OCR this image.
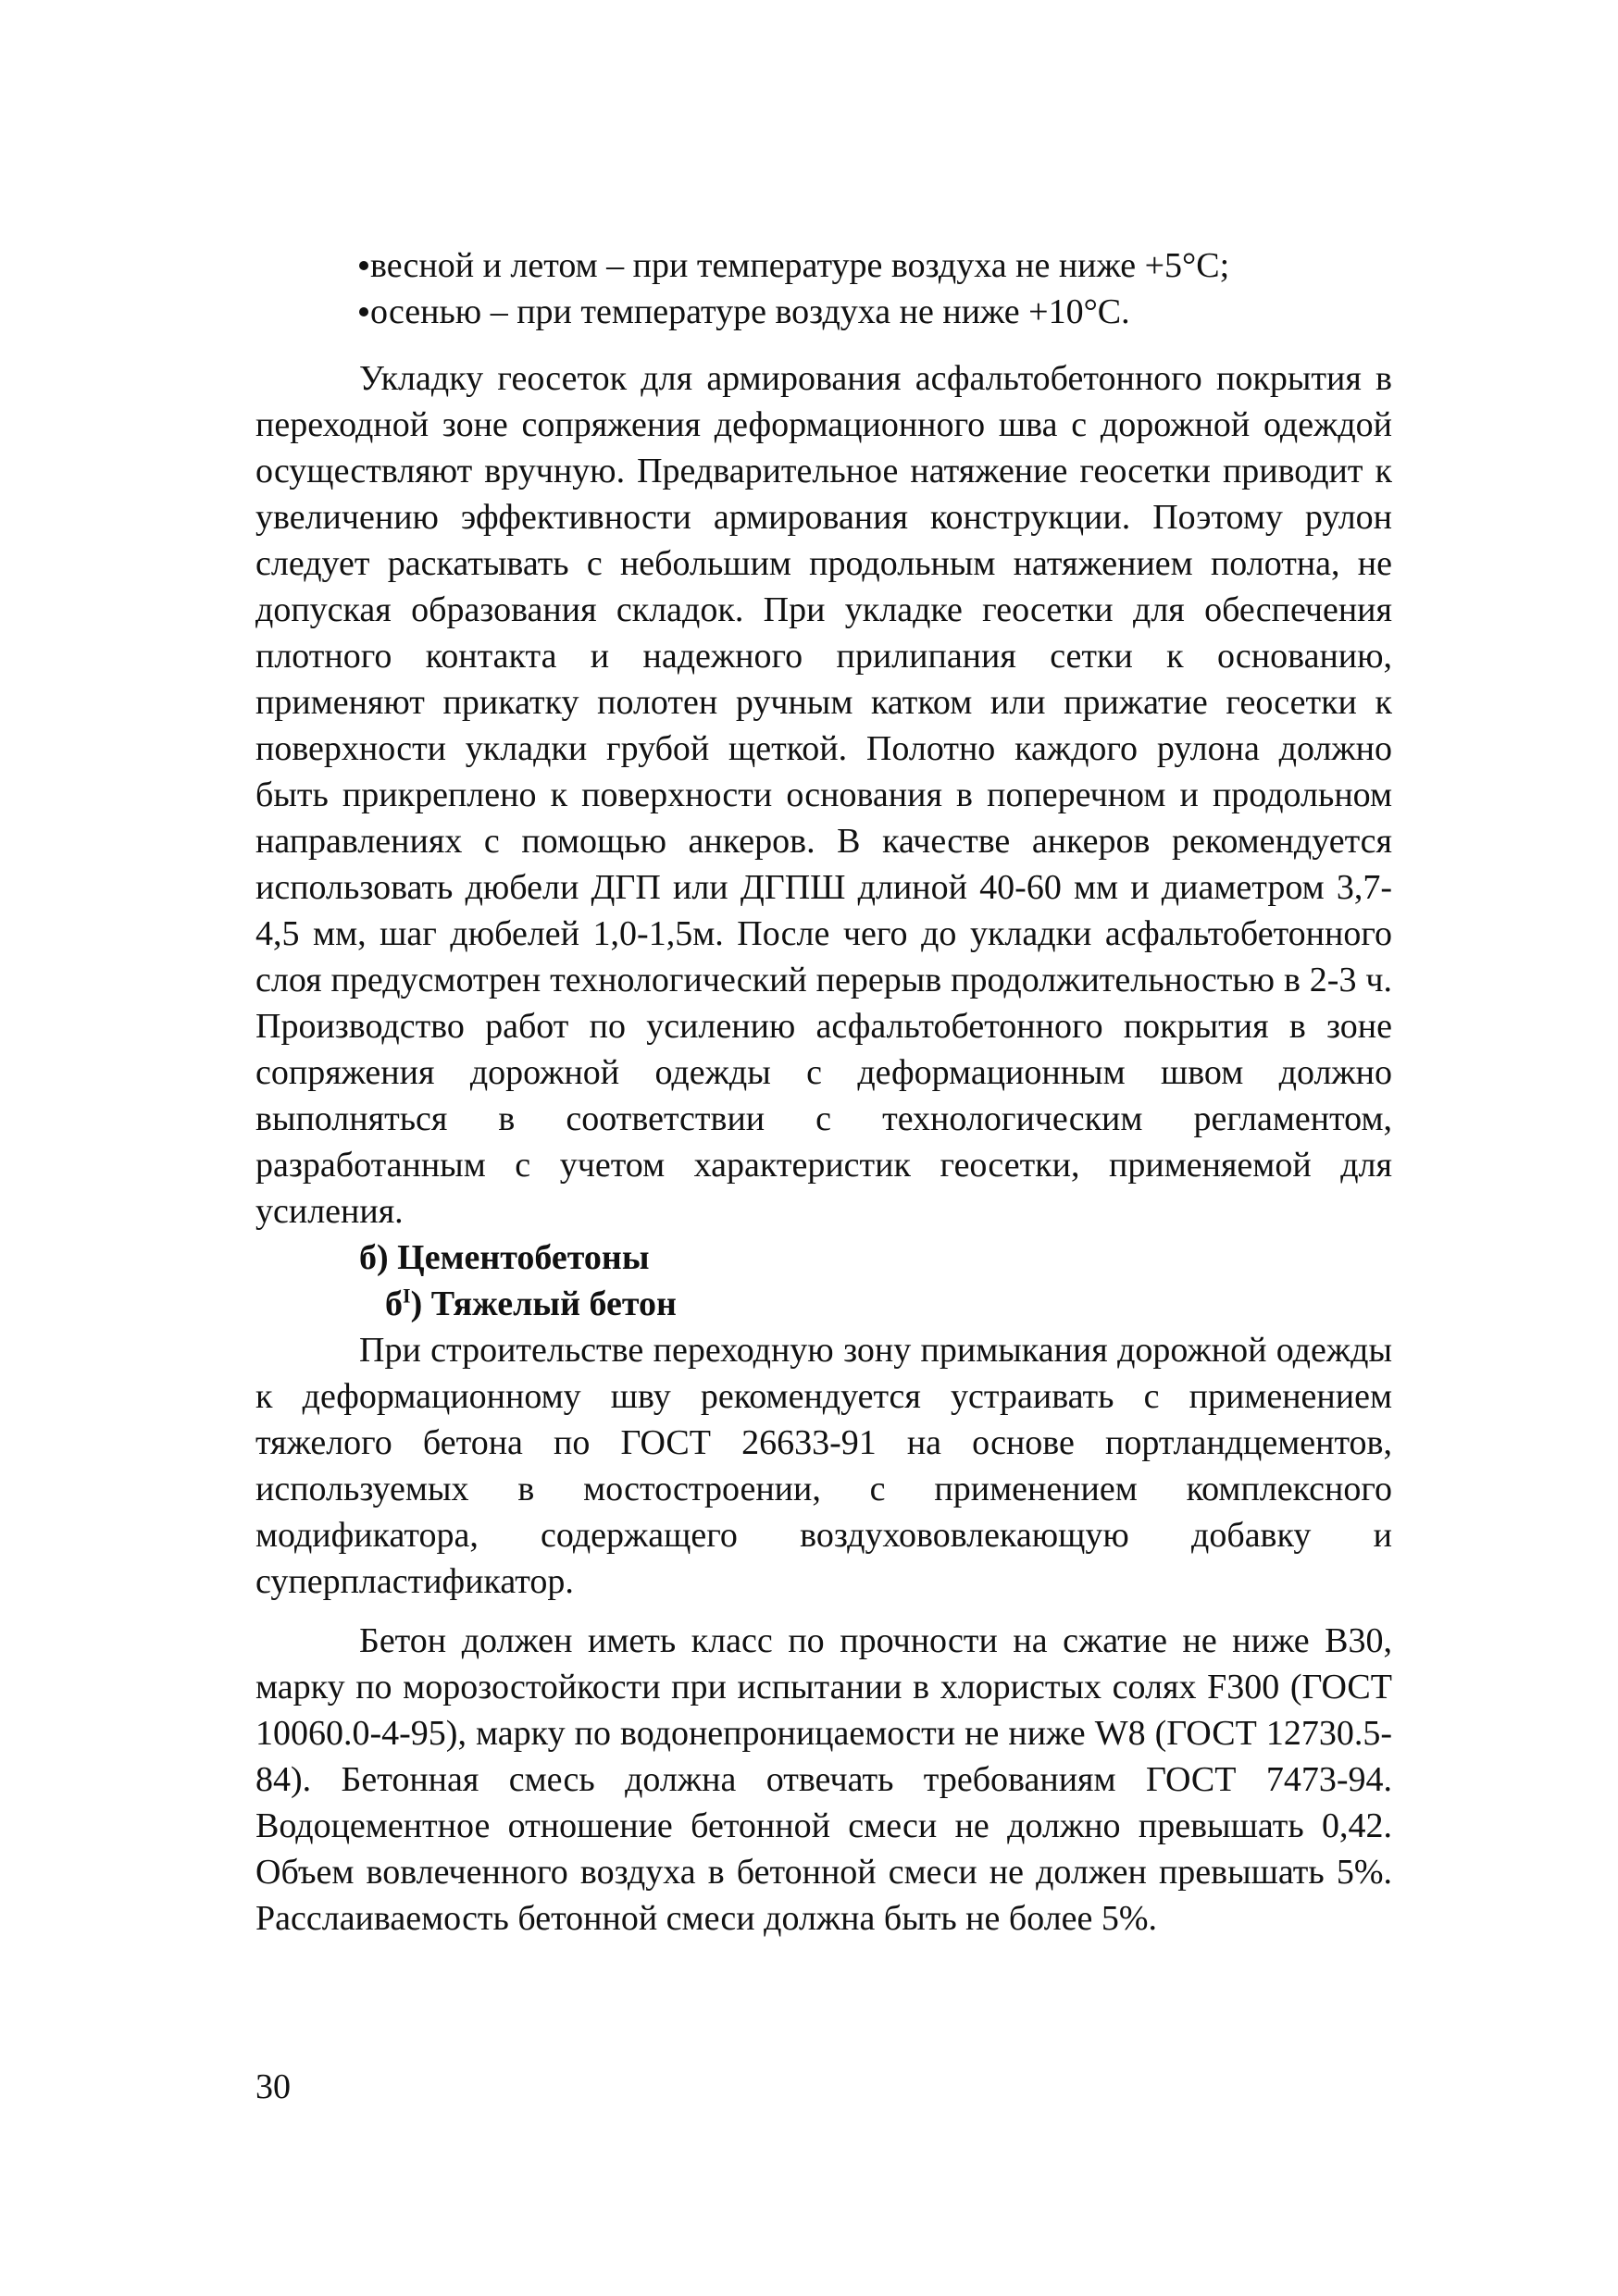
весной и летом – при температуре воздуха не ниже +5°С;

осенью – при температуре воздуха не ниже +10°С.

Укладку геосеток для армирования асфальтобетонного покрытия в переходной зоне сопряжения деформационного шва с дорожной одеждой осуществляют вручную. Предварительное натяжение геосетки приводит к увеличению эффективности армирования конструкции. Поэтому рулон следует раскатывать с небольшим продольным натяжением полотна, не допуская образования складок. При укладке геосетки для обеспечения плотного контакта и надежного прилипания сетки к основанию, применяют прикатку полотен ручным катком или прижатие геосетки к поверхности укладки грубой щеткой. Полотно каждого рулона должно быть прикреплено к поверхности основания в поперечном и продольном направлениях с помощью анкеров. В качестве анкеров рекомендуется использовать дюбели ДГП или ДГПШ длиной 40-60 мм и диаметром 3,7-4,5 мм, шаг дюбелей 1,0-1,5м. После чего до укладки асфальтобетонного слоя предусмотрен технологический перерыв продолжительностью в 2-3 ч. Производство работ по усилению асфальтобетонного покрытия в зоне сопряжения дорожной одежды с деформационным швом должно выполняться в соответствии с технологическим регламентом, разработанным с учетом характеристик геосетки, применяемой для усиления.

б) Цементобетоны

$б^I$) Тяжелый бетон

При строительстве переходную зону примыкания дорожной одежды к деформационному шву рекомендуется устраивать с применением тяжелого бетона по ГОСТ 26633-91 на основе портландцементов, используемых в мостостроении, с применением комплексного модификатора, содержащего воздухововлекающую добавку и суперпластификатор.

Бетон должен иметь класс по прочности на сжатие не ниже В30, марку по морозостойкости при испытании в хлористых солях F300 (ГОСТ 10060.0-4-95), марку по водонепроницаемости не ниже W8 (ГОСТ 12730.5-84). Бетонная смесь должна отвечать требованиям ГОСТ 7473-94. Водоцементное отношение бетонной смеси не должно превышать 0,42. Объем вовлеченного воздуха в бетонной смеси не должен превышать 5%. Расслаиваемость бетонной смеси должна быть не более 5%.

30
